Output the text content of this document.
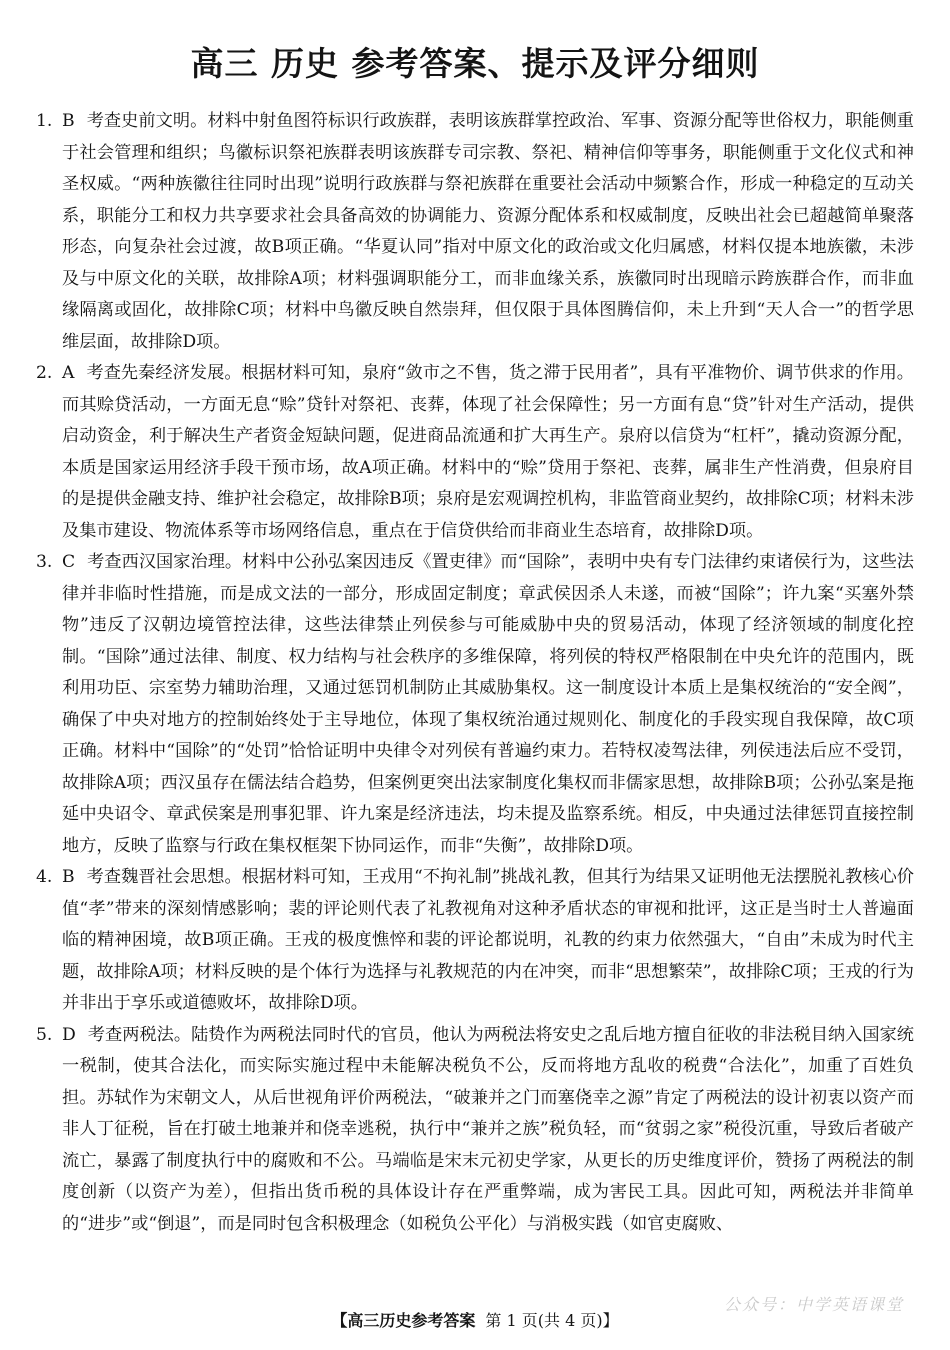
高三 历史 参考答案、提示及评分细则

1. B 考查史前文明。材料中射鱼图符标识行政族群，表明该族群掌控政治、军事、资源分配等世俗权力，职能侧重于社会管理和组织；鸟徽标识祭祀族群表明该族群专司宗教、祭祀、精神信仰等事务，职能侧重于文化仪式和神圣权威。“两种族徽往往同时出现”说明行政族群与祭祀族群在重要社会活动中频繁合作，形成一种稳定的互动关系，职能分工和权力共享要求社会具备高效的协调能力、资源分配体系和权威制度，反映出社会已超越简单聚落形态，向复杂社会过渡，故B项正确。“华夏认同”指对中原文化的政治或文化归属感，材料仅提本地族徽，未涉及与中原文化的关联，故排除A项；材料强调职能分工，而非血缘关系，族徽同时出现暗示跨族群合作，而非血缘隔离或固化，故排除C项；材料中鸟徽反映自然崇拜，但仅限于具体图腾信仰，未上升到“天人合一”的哲学思维层面，故排除D项。

2. A 考查先秦经济发展。根据材料可知，泉府“敛市之不售，货之滞于民用者”，具有平准物价、调节供求的作用。而其赊贷活动，一方面无息“赊”贷针对祭祀、丧葬，体现了社会保障性；另一方面有息“贷”针对生产活动，提供启动资金，利于解决生产者资金短缺问题，促进商品流通和扩大再生产。泉府以信贷为“杠杆”，撬动资源分配，本质是国家运用经济手段干预市场，故A项正确。材料中的“赊”贷用于祭祀、丧葬，属非生产性消费，但泉府目的是提供金融支持、维护社会稳定，故排除B项；泉府是宏观调控机构，非监管商业契约，故排除C项；材料未涉及集市建设、物流体系等市场网络信息，重点在于信贷供给而非商业生态培育，故排除D项。

3. C 考查西汉国家治理。材料中公孙弘案因违反《置吏律》而“国除”，表明中央有专门法律约束诸侯行为，这些法律并非临时性措施，而是成文法的一部分，形成固定制度；章武侯因杀人未遂，而被“国除”；许九案“买塞外禁物”违反了汉朝边境管控法律，这些法律禁止列侯参与可能威胁中央的贸易活动，体现了经济领域的制度化控制。“国除”通过法律、制度、权力结构与社会秩序的多维保障，将列侯的特权严格限制在中央允许的范围内，既利用功臣、宗室势力辅助治理，又通过惩罚机制防止其威胁集权。这一制度设计本质上是集权统治的“安全阀”，确保了中央对地方的控制始终处于主导地位，体现了集权统治通过规则化、制度化的手段实现自我保障，故C项正确。材料中“国除”的“处罚”恰恰证明中央律令对列侯有普遍约束力。若特权凌驾法律，列侯违法后应不受罚，故排除A项；西汉虽存在儒法结合趋势，但案例更突出法家制度化集权而非儒家思想，故排除B项；公孙弘案是拖延中央诏令、章武侯案是刑事犯罪、许九案是经济违法，均未提及监察系统。相反，中央通过法律惩罚直接控制地方，反映了监察与行政在集权框架下协同运作，而非“失衡”，故排除D项。

4. B 考查魏晋社会思想。根据材料可知，王戎用“不拘礼制”挑战礼教，但其行为结果又证明他无法摆脱礼教核心价值“孝”带来的深刻情感影响；裴的评论则代表了礼教视角对这种矛盾状态的审视和批评，这正是当时士人普遍面临的精神困境，故B项正确。王戎的极度憔悴和裴的评论都说明，礼教的约束力依然强大，“自由”未成为时代主题，故排除A项；材料反映的是个体行为选择与礼教规范的内在冲突，而非“思想繁荣”，故排除C项；王戎的行为并非出于享乐或道德败坏，故排除D项。

5. D 考查两税法。陆贽作为两税法同时代的官员，他认为两税法将安史之乱后地方擅自征收的非法税目纳入国家统一税制，使其合法化，而实际实施过程中未能解决税负不公，反而将地方乱收的税费“合法化”，加重了百姓负担。苏轼作为宋朝文人，从后世视角评价两税法，“破兼并之门而塞侥幸之源”肯定了两税法的设计初衷以资产而非人丁征税，旨在打破土地兼并和侥幸逃税，执行中“兼并之族”税负轻，而“贫弱之家”税役沉重，导致后者破产流亡，暴露了制度执行中的腐败和不公。马端临是宋末元初史学家，从更长的历史维度评价，赞扬了两税法的制度创新（以资产为差），但指出货币税的具体设计存在严重弊端，成为害民工具。因此可知，两税法并非简单的“进步”或“倒退”，而是同时包含积极理念（如税负公平化）与消极实践（如官吏腐败、

【高三历史参考答案 第 1 页(共 4 页)】
公众号：中学英语课堂
